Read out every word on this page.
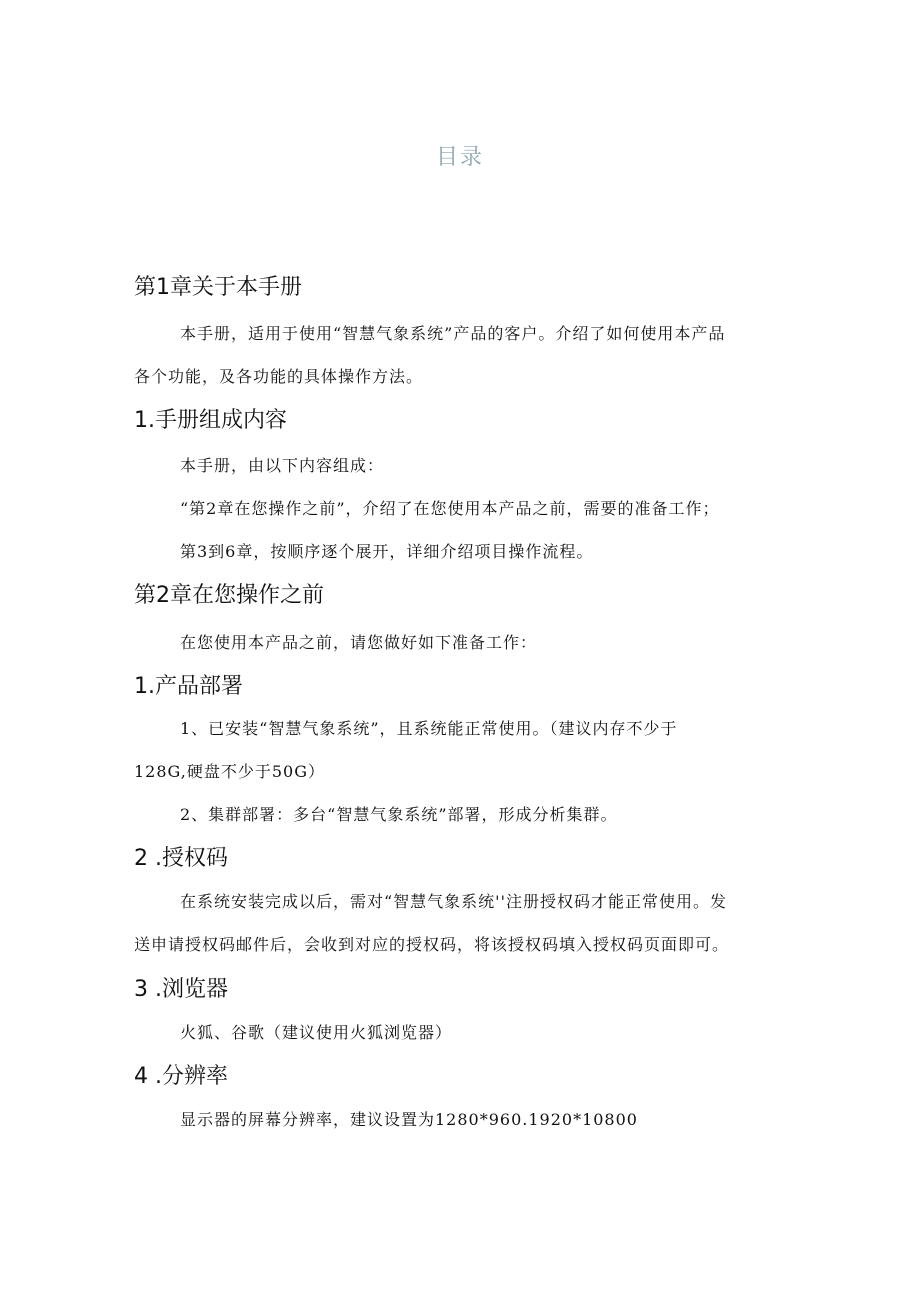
目录
第1章关于本手册
本手册，适用于使用“智慧气象系统”产品的客户。介绍了如何使用本产品
各个功能，及各功能的具体操作方法。
1.手册组成内容
本手册，由以下内容组成：
“第2章在您操作之前”，介绍了在您使用本产品之前，需要的准备工作；
第3到6章，按顺序逐个展开，详细介绍项目操作流程。
第2章在您操作之前
在您使用本产品之前，请您做好如下准备工作：
1.产品部署
1、已安装“智慧气象系统”，且系统能正常使用。（建议内存不少于
128G,硬盘不少于50G）
2、集群部署：多台“智慧气象系统”部署，形成分析集群。
2 .授权码
在系统安装完成以后，需对“智慧气象系统''注册授权码才能正常使用。发
送申请授权码邮件后，会收到对应的授权码，将该授权码填入授权码页面即可。
3 .浏览器
火狐、谷歌（建议使用火狐浏览器）
4 .分辨率
显示器的屏幕分辨率，建议设置为1280*960.1920*10800
